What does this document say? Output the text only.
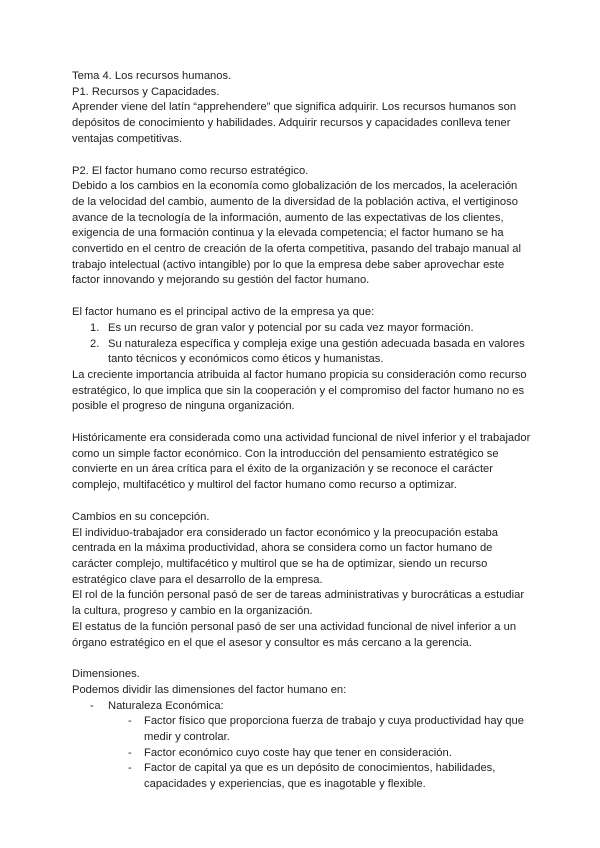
Tema 4. Los recursos humanos.
P1. Recursos y Capacidades.
Aprender viene del latín “apprehendere” que significa adquirir. Los recursos humanos son
depósitos de conocimiento y habilidades. Adquirir recursos y capacidades conlleva tener
ventajas competitivas.
P2. El factor humano como recurso estratégico.
Debido a los cambios en la economía como globalización de los mercados, la aceleración
de la velocidad del cambio, aumento de la diversidad de la población activa, el vertiginoso
avance de la tecnología de la información, aumento de las expectativas de los clientes,
exigencia de una formación continua y la elevada competencia; el factor humano se ha
convertido en el centro de creación de la oferta competitiva, pasando del trabajo manual al
trabajo intelectual (activo intangible) por lo que la empresa debe saber aprovechar este
factor innovando y mejorando su gestión del factor humano.
El factor humano es el principal activo de la empresa ya que:
1. Es un recurso de gran valor y potencial por su cada vez mayor formación.
2. Su naturaleza específica y compleja exige una gestión adecuada basada en valores
tanto técnicos y económicos como éticos y humanistas.
La creciente importancia atribuida al factor humano propicia su consideración como recurso
estratégico, lo que implica que sin la cooperación y el compromiso del factor humano no es
posible el progreso de ninguna organización.
Históricamente era considerada como una actividad funcional de nivel inferior y el trabajador
como un simple factor económico. Con la introducción del pensamiento estratégico se
convierte en un área crítica para el éxito de la organización y se reconoce el carácter
complejo, multifacético y multirol del factor humano como recurso a optimizar.
Cambios en su concepción.
El individuo-trabajador era considerado un factor económico y la preocupación estaba
centrada en la máxima productividad, ahora se considera como un factor humano de
carácter complejo, multifacético y multirol que se ha de optimizar, siendo un recurso
estratégico clave para el desarrollo de la empresa.
El rol de la función personal pasó de ser de tareas administrativas y burocráticas a estudiar
la cultura, progreso y cambio en la organización.
El estatus de la función personal pasó de ser una actividad funcional de nivel inferior a un
órgano estratégico en el que el asesor y consultor es más cercano a la gerencia.
Dimensiones.
Podemos dividir las dimensiones del factor humano en:
- Naturaleza Económica:
- Factor físico que proporciona fuerza de trabajo y cuya productividad hay que
medir y controlar.
- Factor económico cuyo coste hay que tener en consideración.
- Factor de capital ya que es un depósito de conocimientos, habilidades,
capacidades y experiencias, que es inagotable y flexible.
